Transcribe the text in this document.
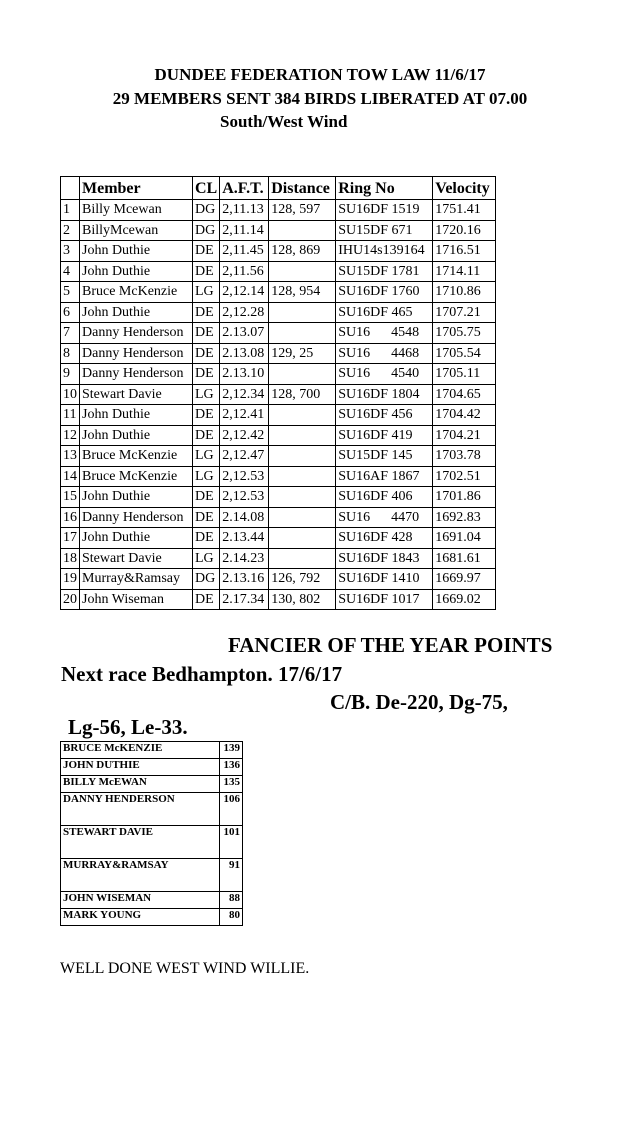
DUNDEE FEDERATION TOW LAW 11/6/17
29 MEMBERS SENT 384 BIRDS LIBERATED AT 07.00
South/West Wind
	Member	CL	A.F.T.	Distance	Ring No	Velocity
1	Billy Mcewan	DG	2,11.13	128, 597	SU16DF 1519	1751.41
2	BillyMcewan	DG	2,11.14		SU15DF 671	1720.16
3	John Duthie	DE	2,11.45	128, 869	IHU14s139164	1716.51
4	John Duthie	DE	2,11.56		SU15DF 1781	1714.11
5	Bruce McKenzie	LG	2,12.14	128, 954	SU16DF 1760	1710.86
6	John Duthie	DE	2,12.28		SU16DF 465	1707.21
7	Danny Henderson	DE	2.13.07		SU16      4548	1705.75
8	Danny Henderson	DE	2.13.08	129, 25	SU16      4468	1705.54
9	Danny Henderson	DE	2.13.10		SU16      4540	1705.11
10	Stewart Davie	LG	2,12.34	128, 700	SU16DF 1804	1704.65
11	John Duthie	DE	2,12.41		SU16DF 456	1704.42
12	John Duthie	DE	2,12.42		SU16DF 419	1704.21
13	Bruce McKenzie	LG	2,12.47		SU15DF 145	1703.78
14	Bruce McKenzie	LG	2,12.53		SU16AF 1867	1702.51
15	John Duthie	DE	2,12.53		SU16DF 406	1701.86
16	Danny Henderson	DE	2.14.08		SU16      4470	1692.83
17	John Duthie	DE	2.13.44		SU16DF 428	1691.04
18	Stewart Davie	LG	2.14.23		SU16DF 1843	1681.61
19	Murray&Ramsay	DG	2.13.16	126, 792	SU16DF 1410	1669.97
20	John Wiseman	DE	2.17.34	130, 802	SU16DF 1017	1669.02
FANCIER OF THE YEAR POINTS
Next race Bedhampton. 17/6/17
C/B. De-220, Dg-75,
Lg-56, Le-33.
BRUCE McKENZIE	139
JOHN DUTHIE	136
BILLY McEWAN	135
DANNY HENDERSON	106
STEWART DAVIE	101
MURRAY&RAMSAY	91
JOHN WISEMAN	88
MARK YOUNG	80
WELL DONE WEST WIND WILLIE.
